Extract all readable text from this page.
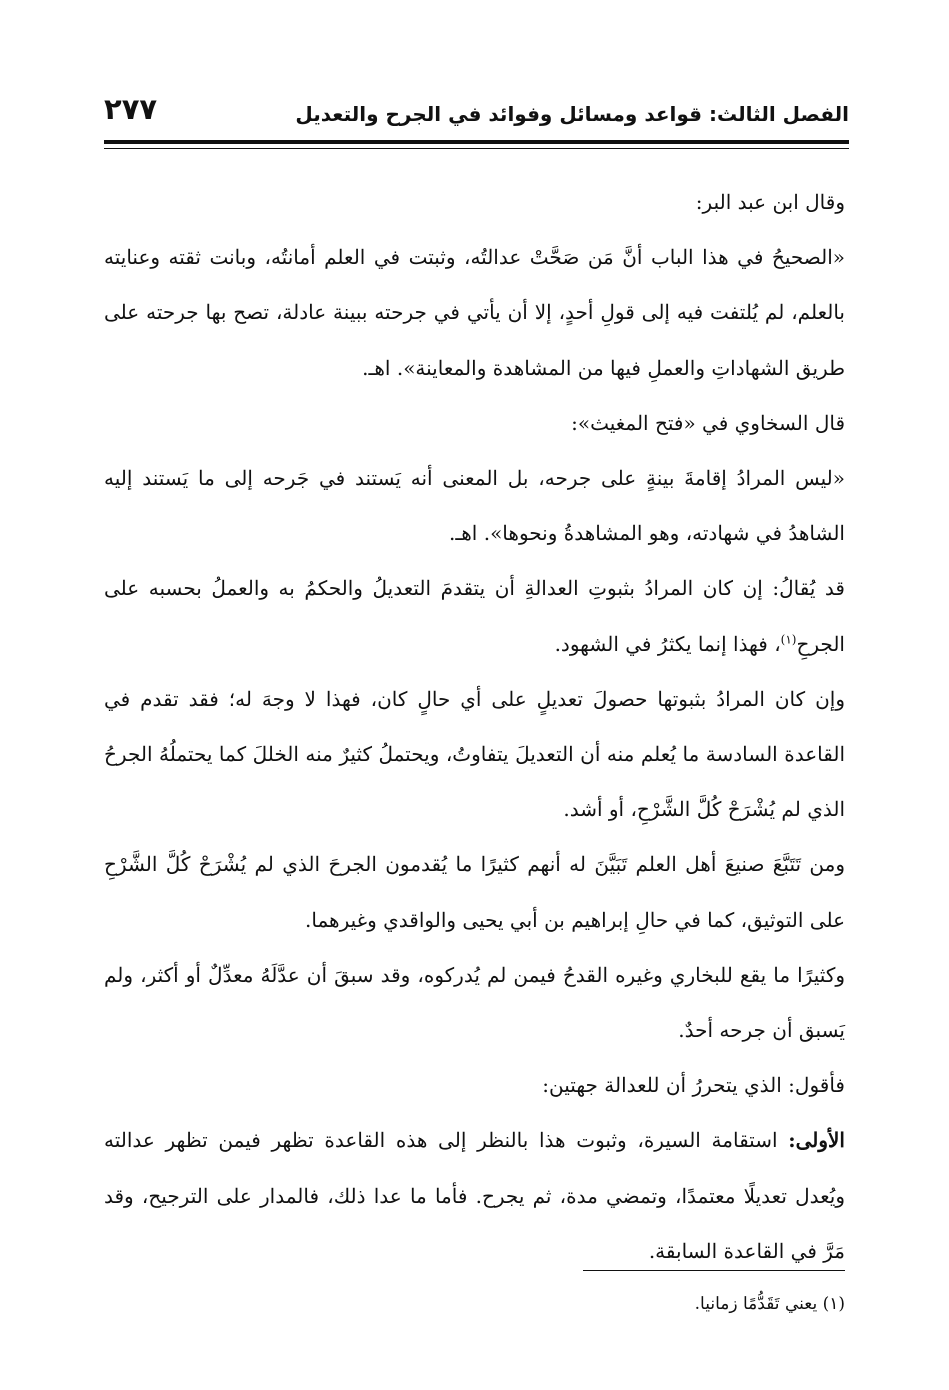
الفصل الثالث: قواعد ومسائل وفوائد في الجرح والتعديل
٢٧٧

وقال ابن عبد البر:

«الصحيحُ في هذا الباب أنَّ مَن صَحَّتْ عدالتُه، وثبتت في العلم أمانتُه، وبانت ثقته وعنايته بالعلم، لم يُلتفت فيه إلى قولِ أحدٍ، إلا أن يأتي في جرحته ببينة عادلة، تصح بها جرحته على طريق الشهاداتِ والعملِ فيها من المشاهدة والمعاينة». اهـ.

قال السخاوي في «فتح المغيث»:

«ليس المرادُ إقامةَ بينةٍ على جرحه، بل المعنى أنه يَستند في جَرحه إلى ما يَستند إليه الشاهدُ في شهادته، وهو المشاهدةُ ونحوها». اهـ.

قد يُقالُ: إن كان المرادُ بثبوتِ العدالةِ أن يتقدمَ التعديلُ والحكمُ به والعملُ بحسبه على الجرحِ$^{(١)}$، فهذا إنما يكثرُ في الشهود.

وإن كان المرادُ بثبوتها حصولَ تعديلٍ على أي حالٍ كان، فهذا لا وجهَ له؛ فقد تقدم في القاعدة السادسة ما يُعلم منه أن التعديلَ يتفاوتُ، ويحتملُ كثيرٌ منه الخللَ كما يحتملُهُ الجرحُ الذي لم يُشْرَحْ كُلَّ الشَّرْحِ، أو أشد.

ومن تَتَبَّعَ صنيعَ أهل العلم تَبَيَّنَ له أنهم كثيرًا ما يُقدمون الجرحَ الذي لم يُشْرَحْ كُلَّ الشَّرْحِ على التوثيق، كما في حالِ إبراهيم بن أبي يحيى والواقدي وغيرهما.

وكثيرًا ما يقع للبخاري وغيره القدحُ فيمن لم يُدركوه، وقد سبقَ أن عدَّلَهُ معدِّلٌ أو أكثر، ولم يَسبق أن جرحه أحدٌ.

فأقول: الذي يتحررُ أن للعدالة جهتين:

الأولى: استقامة السيرة، وثبوت هذا بالنظر إلى هذه القاعدة تظهر فيمن تظهر عدالته ويُعدل تعديلًا معتمدًا، وتمضي مدة، ثم يجرح. فأما ما عدا ذلك، فالمدار على الترجيح، وقد مَرَّ في القاعدة السابقة.

(١) يعني تَقَدُّمًا زمانيا.
